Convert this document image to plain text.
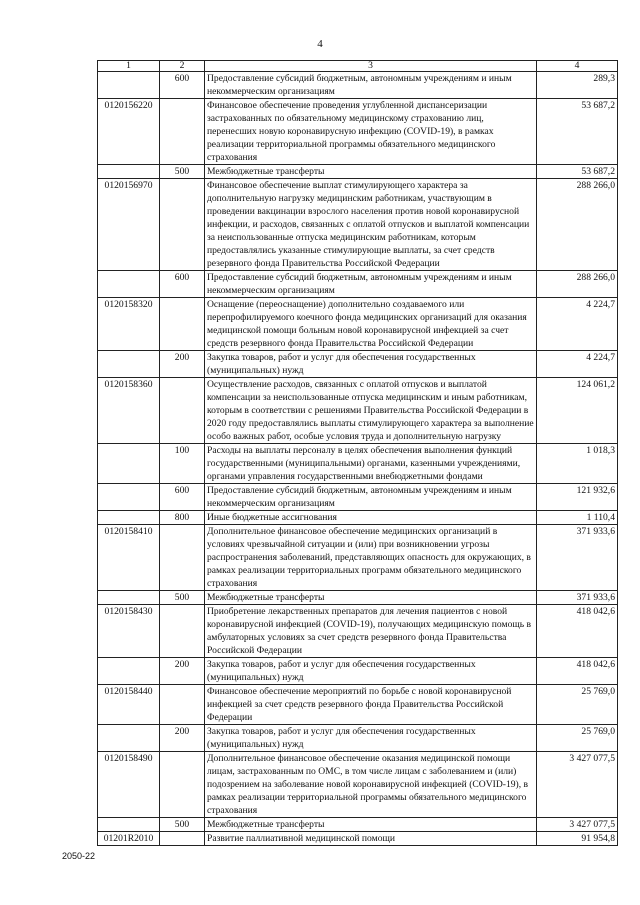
4
1	2	3	4
	600	Предоставление субсидий бюджетным, автономным учреждениям и иным некоммерческим организациям	289,3
0120156220		Финансовое обеспечение проведения углубленной диспансеризации застрахованных по обязательному медицинскому страхованию лиц, перенесших новую коронавирусную инфекцию (COVID-19), в рамках реализации территориальной программы обязательного медицинского страхования	53 687,2
	500	Межбюджетные трансферты	53 687,2
0120156970		Финансовое обеспечение выплат стимулирующего характера за дополнительную нагрузку медицинским работникам, участвующим в проведении вакцинации взрослого населения против новой коронавирусной инфекции, и расходов, связанных с оплатой отпусков и выплатой компенсации за неиспользованные отпуска медицинским работникам, которым предоставлялись указанные стимулирующие выплаты, за счет средств резервного фонда Правительства Российской Федерации	288 266,0
	600	Предоставление субсидий бюджетным, автономным учреждениям и иным некоммерческим организациям	288 266,0
0120158320		Оснащение (переоснащение) дополнительно создаваемого или перепрофилируемого коечного фонда медицинских организаций для оказания медицинской помощи больным новой коронавирусной инфекцией за счет средств резервного фонда Правительства Российской Федерации	4 224,7
	200	Закупка товаров, работ и услуг для обеспечения государственных (муниципальных) нужд	4 224,7
0120158360		Осуществление расходов, связанных с оплатой отпусков и выплатой компенсации за неиспользованные отпуска медицинским и иным работникам, которым в соответствии с решениями Правительства Российской Федерации в 2020 году предоставлялись выплаты стимулирующего характера за выполнение особо важных работ, особые условия труда и дополнительную нагрузку	124 061,2
	100	Расходы на выплаты персоналу в целях обеспечения выполнения функций государственными (муниципальными) органами, казенными учреждениями, органами управления государственными внебюджетными фондами	1 018,3
	600	Предоставление субсидий бюджетным, автономным учреждениям и иным некоммерческим организациям	121 932,6
	800	Иные бюджетные ассигнования	1 110,4
0120158410		Дополнительное финансовое обеспечение медицинских организаций в условиях чрезвычайной ситуации и (или) при возникновении угрозы распространения заболеваний, представляющих опасность для окружающих, в рамках реализации территориальных программ обязательного медицинского страхования	371 933,6
	500	Межбюджетные трансферты	371 933,6
0120158430		Приобретение лекарственных препаратов для лечения пациентов с новой коронавирусной инфекцией (COVID-19), получающих медицинскую помощь в амбулаторных условиях за счет средств резервного фонда Правительства Российской Федерации	418 042,6
	200	Закупка товаров, работ и услуг для обеспечения государственных (муниципальных) нужд	418 042,6
0120158440		Финансовое обеспечение мероприятий по борьбе с новой коронавирусной инфекцией за счет средств резервного фонда Правительства Российской Федерации	25 769,0
	200	Закупка товаров, работ и услуг для обеспечения государственных (муниципальных) нужд	25 769,0
0120158490		Дополнительное финансовое обеспечение оказания медицинской помощи лицам, застрахованным по ОМС, в том числе лицам с заболеванием и (или) подозрением на заболевание новой коронавирусной инфекцией (COVID-19), в рамках реализации территориальной программы обязательного медицинского страхования	3 427 077,5
	500	Межбюджетные трансферты	3 427 077,5
01201R2010		Развитие паллиативной медицинской помощи	91 954,8
2050-22
